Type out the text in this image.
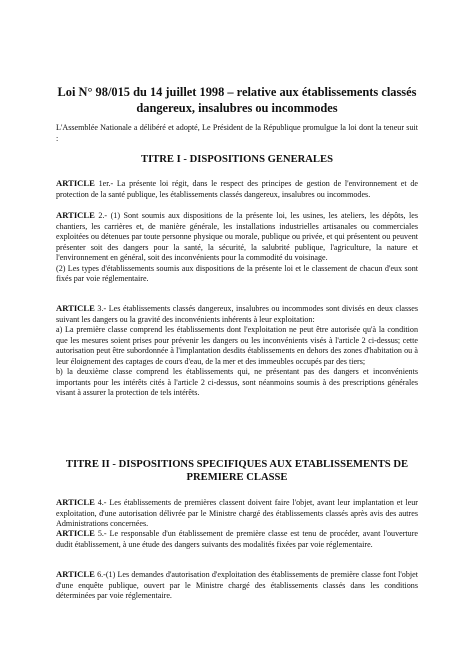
Loi N° 98/015 du 14 juillet 1998 – relative aux établissements classés dangereux, insalubres ou incommodes
L'Assemblée Nationale a délibéré et adopté, Le Président de la République promulgue la loi dont la teneur suit :
TITRE I - DISPOSITIONS GENERALES

ARTICLE 1er.- La présente loi régit, dans le respect des principes de gestion de l'environnement et de protection de la santé publique, les établissements classés dangereux, insalubres ou incommodes.

ARTICLE 2.- (1) Sont soumis aux dispositions de la présente loi, les usines, les ateliers, les dépôts, les chantiers, les carrières et, de manière générale, les installations industrielles artisanales ou commerciales exploitées ou détenues par toute personne physique ou morale, publique ou privée, et qui présentent ou peuvent présenter soit des dangers pour la santé, la sécurité, la salubrité publique, l'agriculture, la nature et l'environnement en général, soit des inconvénients pour la commodité du voisinage.

(2) Les types d'établissements soumis aux dispositions de la présente loi et le classement de chacun d'eux sont fixés par voie réglementaire.

ARTICLE 3.- Les établissements classés dangereux, insalubres ou incommodes sont divisés en deux classes suivant les dangers ou la gravité des inconvénients inhérents à leur exploitation:

a) La première classe comprend les établissements dont l'exploitation ne peut être autorisée qu'à la condition que les mesures soient prises pour prévenir les dangers ou les inconvénients visés à l'article 2 ci-dessus; cette autorisation peut être subordonnée à l'implantation desdits établissements en dehors des zones d'habitation ou à leur éloignement des captages de cours d'eau, de la mer et des immeubles occupés par des tiers;

b) la deuxième classe comprend les établissements qui, ne présentant pas des dangers et inconvénients importants pour les intérêts cités à l'article 2 ci-dessus, sont néanmoins soumis à des prescriptions générales visant à assurer la protection de tels intérêts.

TITRE II - DISPOSITIONS SPECIFIQUES AUX ETABLISSEMENTS DE PREMIERE CLASSE

ARTICLE 4.- Les établissements de premières classent doivent faire l'objet, avant leur implantation et leur exploitation, d'une autorisation délivrée par le Ministre chargé des établissements classés après avis des autres Administrations concernées.

ARTICLE 5.- Le responsable d'un établissement de première classe est tenu de procéder, avant l'ouverture dudit établissement, à une étude des dangers suivants des modalités fixées par voie réglementaire.

ARTICLE 6.-(1) Les demandes d'autorisation d'exploitation des établissements de première classe font l'objet d'une enquête publique, ouvert par le Ministre chargé des établissements classés dans les conditions déterminées par voie réglementaire.
